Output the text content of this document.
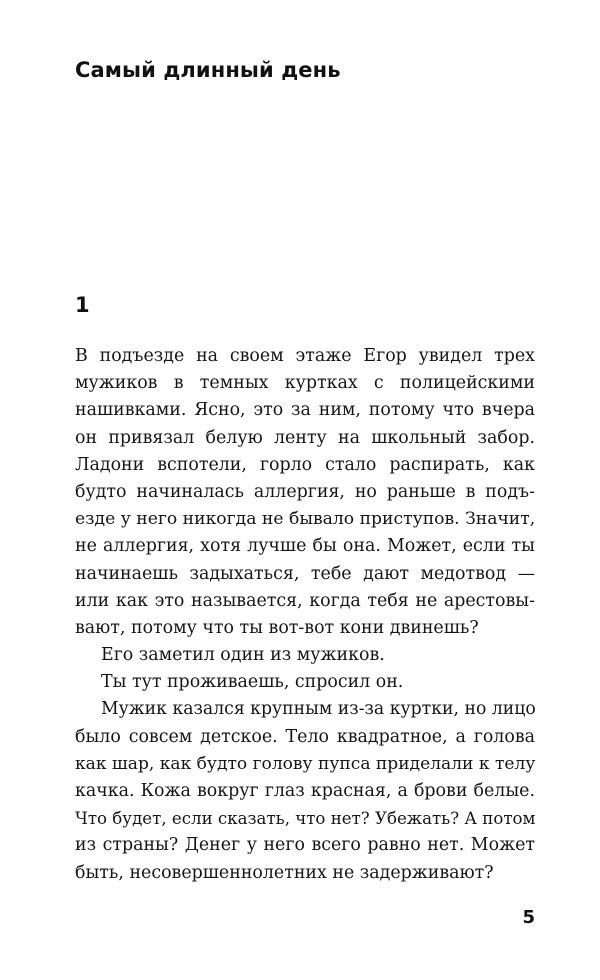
Самый длинный день
1
В подъезде на своем этаже Егор увидел трех
мужиков в темных куртках с полицейскими
нашивками. Ясно, это за ним, потому что вчера
он привязал белую ленту на школьный забор.
Ладони вспотели, горло стало распирать, как
будто начиналась аллергия, но раньше в подъ-
езде у него никогда не бывало приступов. Значит,
не аллергия, хотя лучше бы она. Может, если ты
начинаешь задыхаться, тебе дают медотвод —
или как это называется, когда тебя не арестовы-
вают, потому что ты вот-вот кони двинешь?
Его заметил один из мужиков.
Ты тут проживаешь, спросил он.
Мужик казался крупным из-за куртки, но лицо
было совсем детское. Тело квадратное, а голова
как шар, как будто голову пупса приделали к телу
качка. Кожа вокруг глаз красная, а брови белые.
Что будет, если сказать, что нет? Убежать? А потом
из страны? Денег у него всего равно нет. Может
быть, несовершеннолетних не задерживают?
5
